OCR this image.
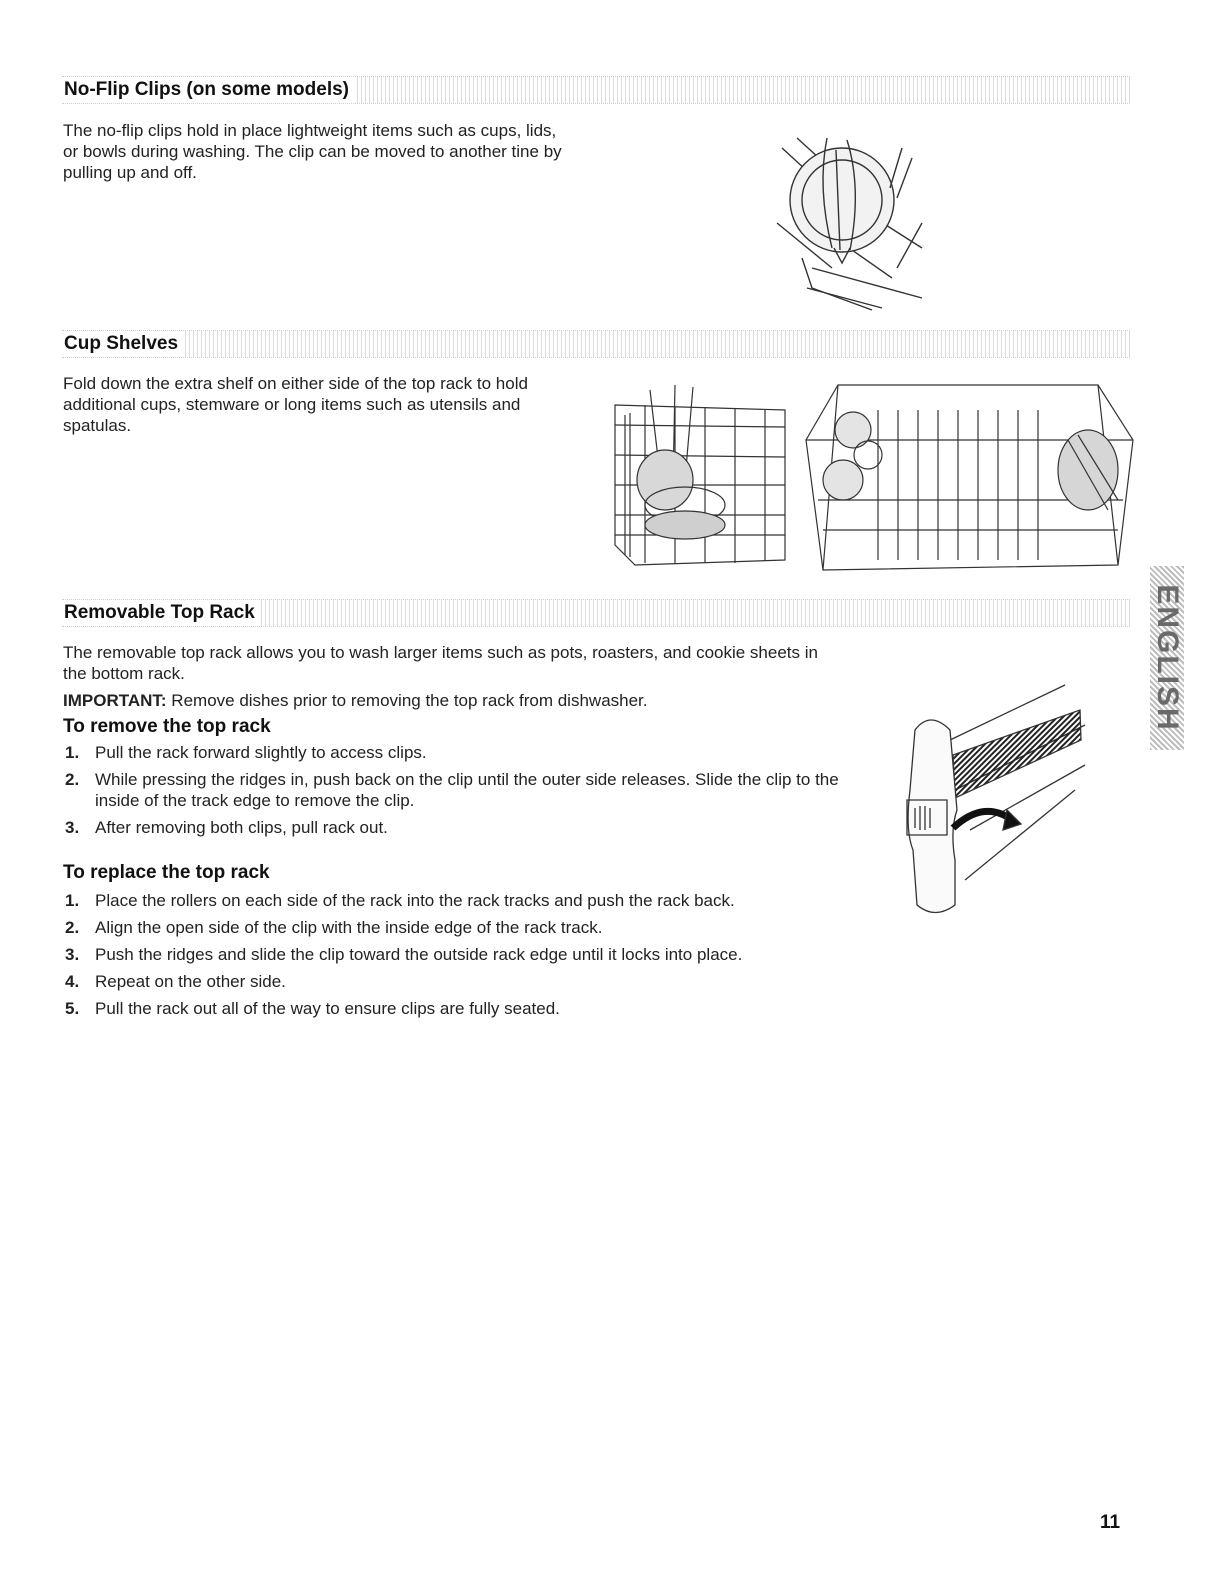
No-Flip Clips (on some models)

The no-flip clips hold in place lightweight items such as cups, lids, or bowls during washing. The clip can be moved to another tine by pulling up and off.

Cup Shelves

Fold down the extra shelf on either side of the top rack to hold additional cups, stemware or long items such as utensils and spatulas.

Removable Top Rack

The removable top rack allows you to wash larger items such as pots, roasters, and cookie sheets in the bottom rack.

IMPORTANT: Remove dishes prior to removing the top rack from dishwasher.

To remove the top rack
1. Pull the rack forward slightly to access clips.
2. While pressing the ridges in, push back on the clip until the outer side releases. Slide the clip to the inside of the track edge to remove the clip.
3. After removing both clips, pull rack out.
To replace the top rack
1. Place the rollers on each side of the rack into the rack tracks and push the rack back.
2. Align the open side of the clip with the inside edge of the rack track.
3. Push the ridges and slide the clip toward the outside rack edge until it locks into place.
4. Repeat on the other side.
5. Pull the rack out all of the way to ensure clips are fully seated.
ENGLISH
11
